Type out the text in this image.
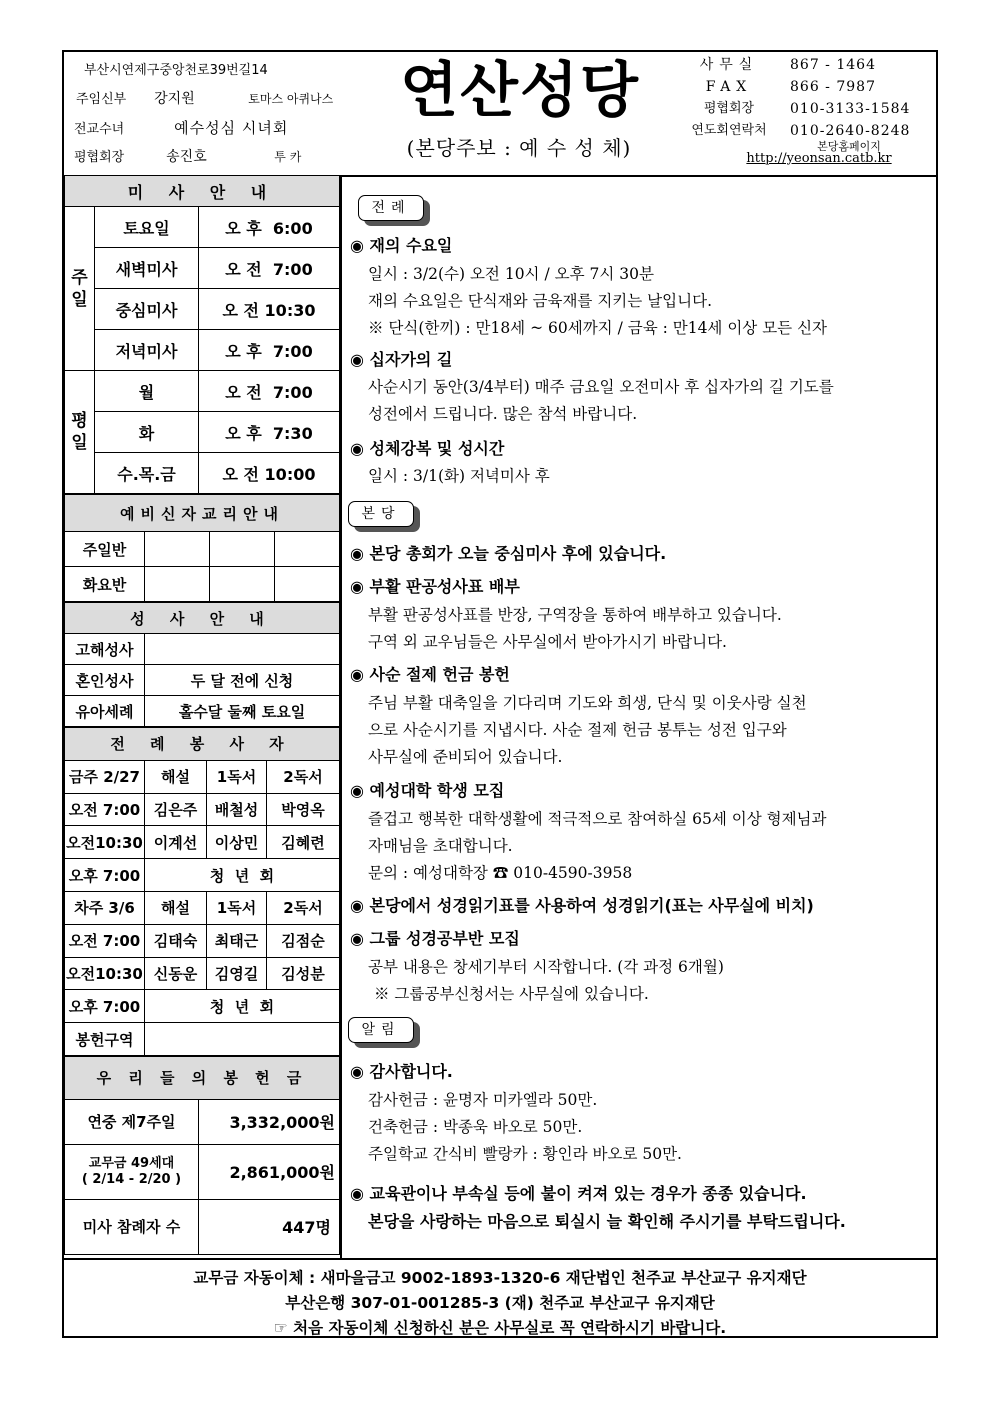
부산시연제구중앙천로39번길14
주임신부 강지원	토마스 아퀴나스
전교수녀	예수성심 시녀회
평협회장	송진호	투 카
연산성당
(본당주보 : 예 수 성 체)
사무실	867 - 1464
FAX	866 - 7987
평협회장	010-3133-1584
연도회연락처	010-2640-8248
본당홈페이지
http://yeonsan.catb.kr
미 사 안 내		
주일	토요일	오 후  6:00
	새벽미사	오 전  7:00
	중심미사	오 전 10:30
	저녁미사	오 후  7:00
평일	월	오 전  7:00
	화	오 후  7:30
	수.목.금	오 전 10:00
예비신자교리안내			
주일반			
화요반			
성 사 안 내	
고해성사	
혼인성사	두 달 전에 신청
유아세례	홀수달 둘째 토요일
전 례 봉 사 자			
금주 2/27	해설	1독서	2독서
오전 7:00	김은주	배철성	박영옥
오전10:30	이계선	이상민	김혜련
오후 7:00	청  년  회		
차주 3/6	해설	1독서	2독서
오전 7:00	김태숙	최태근	김점순
오전10:30	신동운	김영길	김성분
오후 7:00	청  년  회		
봉헌구역			
우 리 들 의 봉 헌 금	
연중 제7주일	3,332,000원

교무금 49세대
( 2/14 - 2/20 )	2,861,000원
미사 참례자 수	447명
전례
◉ 재의 수요일
일시 : 3/2(수) 오전 10시 / 오후 7시 30분
재의 수요일은 단식재와 금육재를 지키는 날입니다.
※ 단식(한끼) : 만18세 ~ 60세까지 / 금육 : 만14세 이상 모든 신자
◉ 십자가의 길
사순시기 동안(3/4부터) 매주 금요일 오전미사 후 십자가의 길 기도를
성전에서 드립니다. 많은 참석 바랍니다.
◉ 성체강복 및 성시간
일시 : 3/1(화) 저녁미사 후
본당
◉ 본당 총회가 오늘 중심미사 후에 있습니다.
◉ 부활 판공성사표 배부
부활 판공성사표를 반장, 구역장을 통하여 배부하고 있습니다.
구역 외 교우님들은 사무실에서 받아가시기 바랍니다.
◉ 사순 절제 헌금 봉헌
주님 부활 대축일을 기다리며 기도와 희생, 단식 및 이웃사랑 실천
으로 사순시기를 지냅시다. 사순 절제 헌금 봉투는 성전 입구와
사무실에 준비되어 있습니다.
◉ 예성대학 학생 모집
즐겁고 행복한 대학생활에 적극적으로 참여하실 65세 이상 형제님과
자매님을 초대합니다.
문의 : 예성대학장 ☎ 010-4590-3958
◉ 본당에서 성경읽기표를 사용하여 성경읽기(표는 사무실에 비치)
◉ 그룹 성경공부반 모집
공부 내용은 창세기부터 시작합니다. (각 과정 6개월)
※ 그룹공부신청서는 사무실에 있습니다.
알림
◉ 감사합니다.
감사헌금 : 윤명자 미카엘라 50만.
건축헌금 : 박종욱 바오로 50만.
주일학교 간식비 빨랑카 : 황인라 바오로 50만.
◉ 교육관이나 부속실 등에 불이 켜져 있는 경우가 종종 있습니다.
본당을 사랑하는 마음으로 퇴실시 늘 확인해 주시기를 부탁드립니다.
교무금 자동이체 : 새마을금고 9002-1893-1320-6 재단법인 천주교 부산교구 유지재단
부산은행 307-01-001285-3 (재) 천주교 부산교구 유지재단
☞ 처음 자동이체 신청하신 분은 사무실로 꼭 연락하시기 바랍니다.
